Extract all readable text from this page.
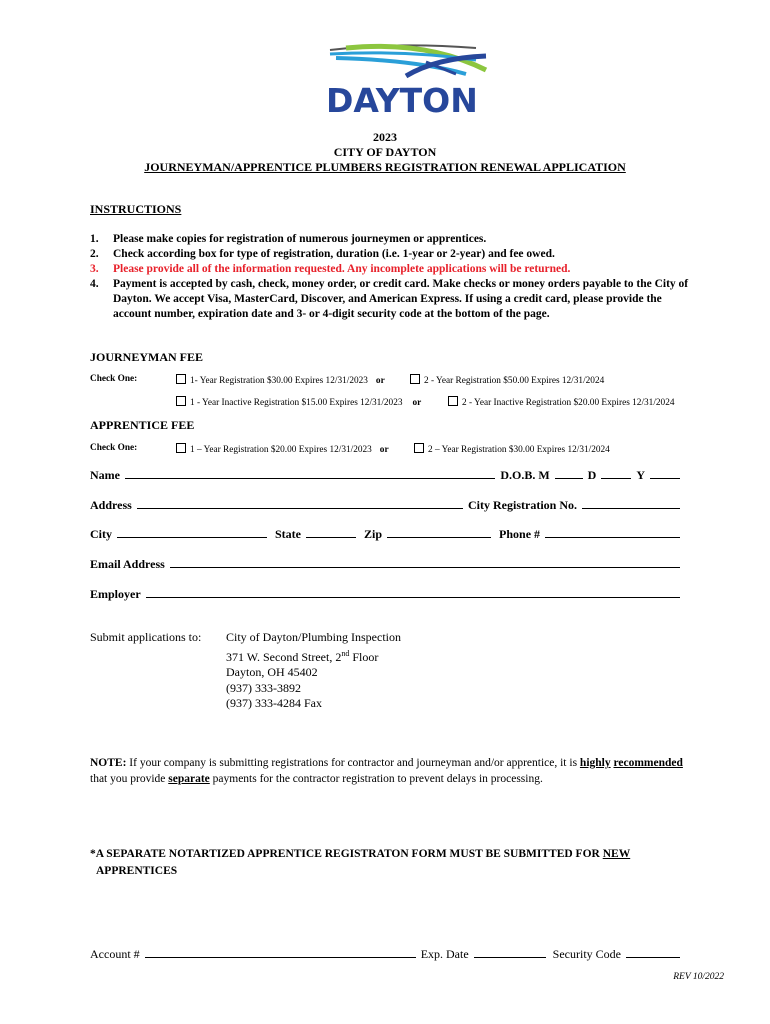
DAYTON
2023
CITY OF DAYTON
JOURNEYMAN/APPRENTICE PLUMBERS REGISTRATION RENEWAL APPLICATION
INSTRUCTIONS
1.	Please make copies for registration of numerous journeymen or apprentices.
2.	Check according box for type of registration, duration (i.e. 1-year or 2-year) and fee owed.
3.	Please provide all of the information requested. Any incomplete applications will be returned.
4.	Payment is accepted by cash, check, money order, or credit card. Make checks or money orders payable to the City of Dayton. We accept Visa, MasterCard, Discover, and American Express. If using a credit card, please provide the account number, expiration date and 3- or 4-digit security code at the bottom of the page.
JOURNEYMAN FEE
Check One:	1- Year Registration $30.00 Expires 12/31/2023 or	2 - Year Registration $50.00 Expires 12/31/2024
1 - Year Inactive Registration $15.00 Expires 12/31/2023 or	2 - Year Inactive Registration $20.00 Expires 12/31/2024
APPRENTICE FEE
Check One:	1 – Year Registration $20.00 Expires 12/31/2023 or	2 – Year Registration $30.00 Expires 12/31/2024
Name	D.O.B. M	D	Y
Address	City Registration No.
City	State	Zip	Phone #
Email Address
Employer
Submit applications to: City of Dayton/Plumbing Inspection
371 W. Second Street, 2nd Floor
Dayton, OH 45402
(937) 333-3892
(937) 333-4284 Fax
NOTE: If your company is submitting registrations for contractor and journeyman and/or apprentice, it is highly recommended that you provide separate payments for the contractor registration to prevent delays in processing.
*A SEPARATE NOTARTIZED APPRENTICE REGISTRATON FORM MUST BE SUBMITTED FOR NEW
APPRENTICES
Account #	Exp. Date	Security Code
REV 10/2022
